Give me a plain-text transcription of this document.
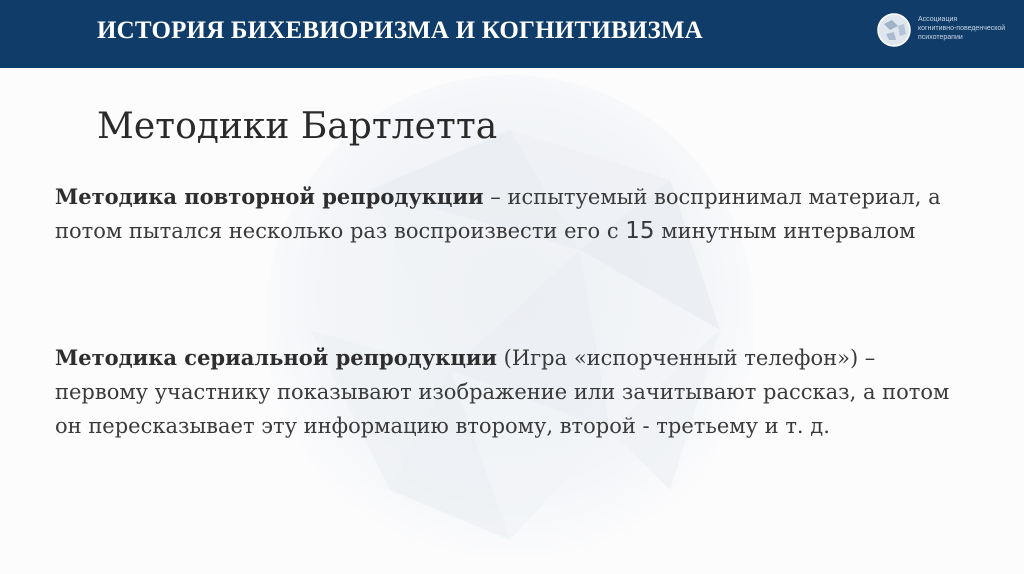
ИСТОРИЯ БИХЕВИОРИЗМА И КОГНИТИВИЗМА	Ассоциация
когнитивно-поведенческой
психотерапии
Методики Бартлетта
Методика повторной репродукции – испытуемый воспринимал материал, а потом пытался несколько раз воспроизвести его с 15 минутным интервалом
Методика сериальной репродукции (Игра «испорченный телефон») – первому участнику показывают изображение или зачитывают рассказ, а потом он пересказывает эту информацию второму, второй - третьему и т. д.
